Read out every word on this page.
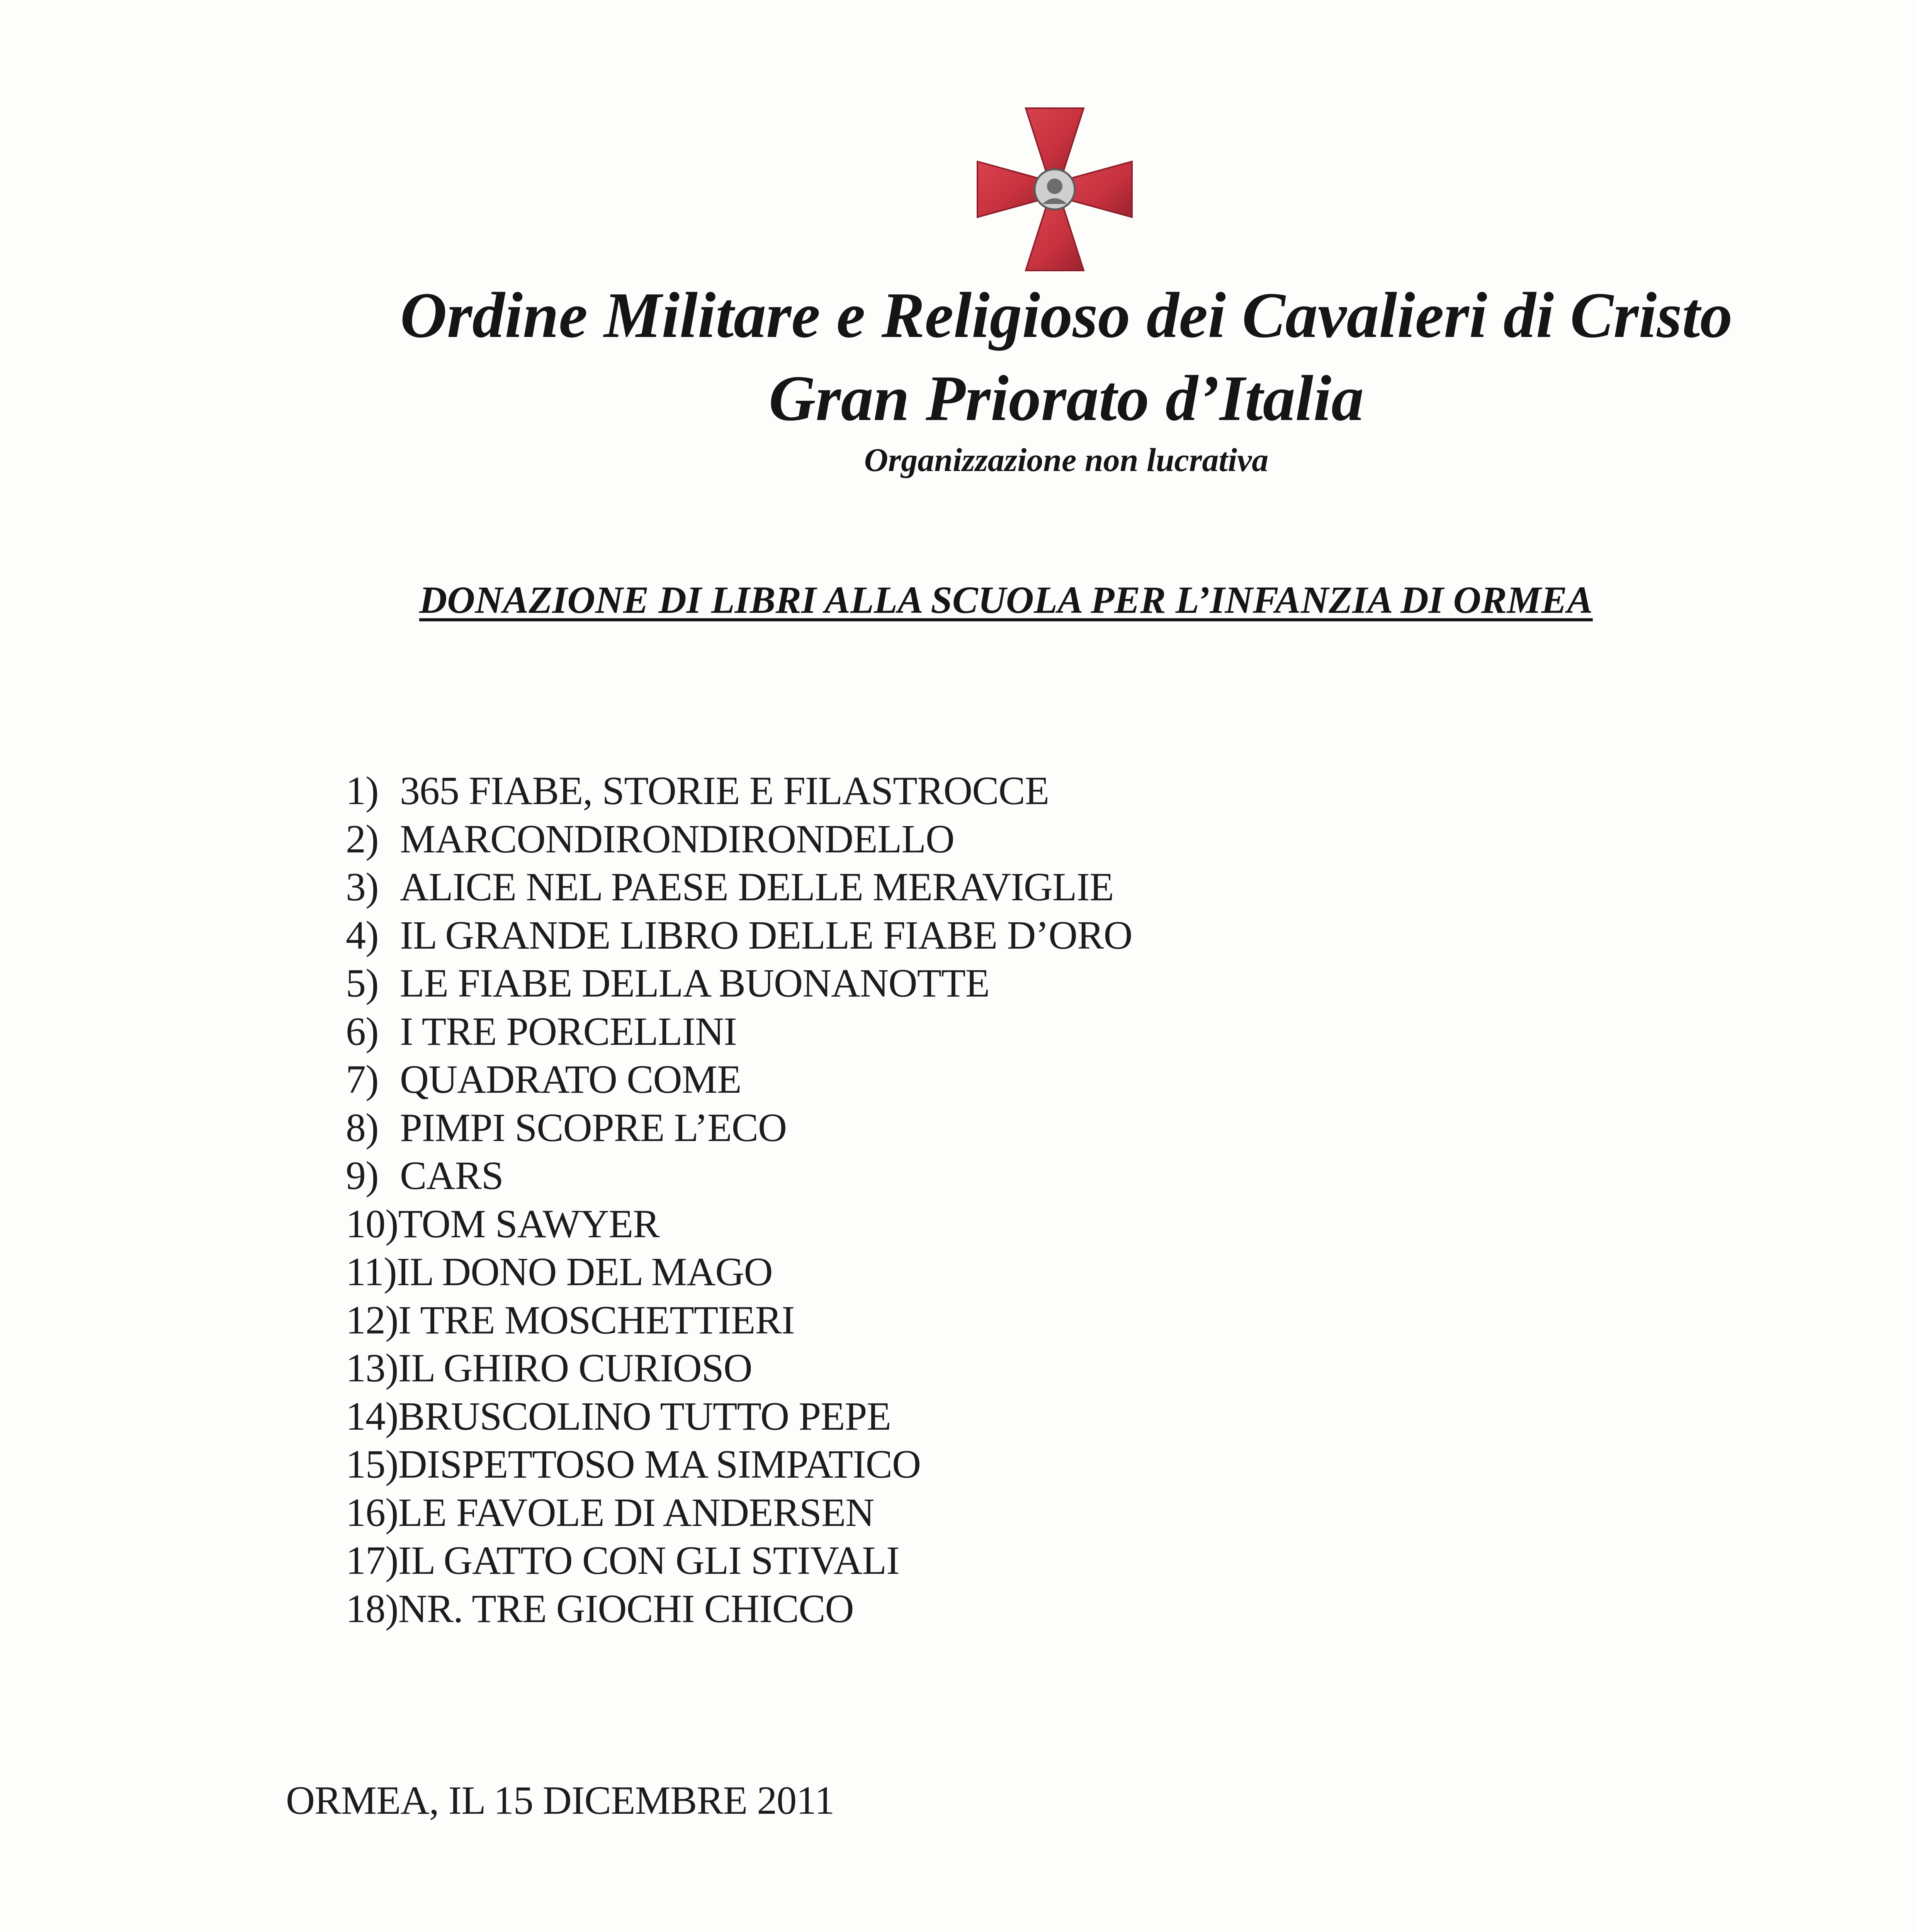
Ordine Militare e Religioso dei Cavalieri di Cristo
Gran Priorato d’Italia
Organizzazione non lucrativa
DONAZIONE DI LIBRI ALLA SCUOLA PER L’INFANZIA DI ORMEA
1) 365 FIABE, STORIE E FILASTROCCE
2) MARCONDIRONDIRONDELLO
3) ALICE NEL PAESE DELLE MERAVIGLIE
4) IL GRANDE LIBRO DELLE FIABE D’ORO
5) LE FIABE DELLA BUONANOTTE
6) I TRE PORCELLINI
7) QUADRATO COME
8) PIMPI SCOPRE L’ECO
9) CARS
10)TOM SAWYER
11)IL DONO DEL MAGO
12)I TRE MOSCHETTIERI
13)IL GHIRO CURIOSO
14)BRUSCOLINO TUTTO PEPE
15)DISPETTOSO MA SIMPATICO
16)LE FAVOLE DI ANDERSEN
17)IL GATTO CON GLI STIVALI
18)NR. TRE GIOCHI CHICCO
ORMEA, IL 15 DICEMBRE 2011
